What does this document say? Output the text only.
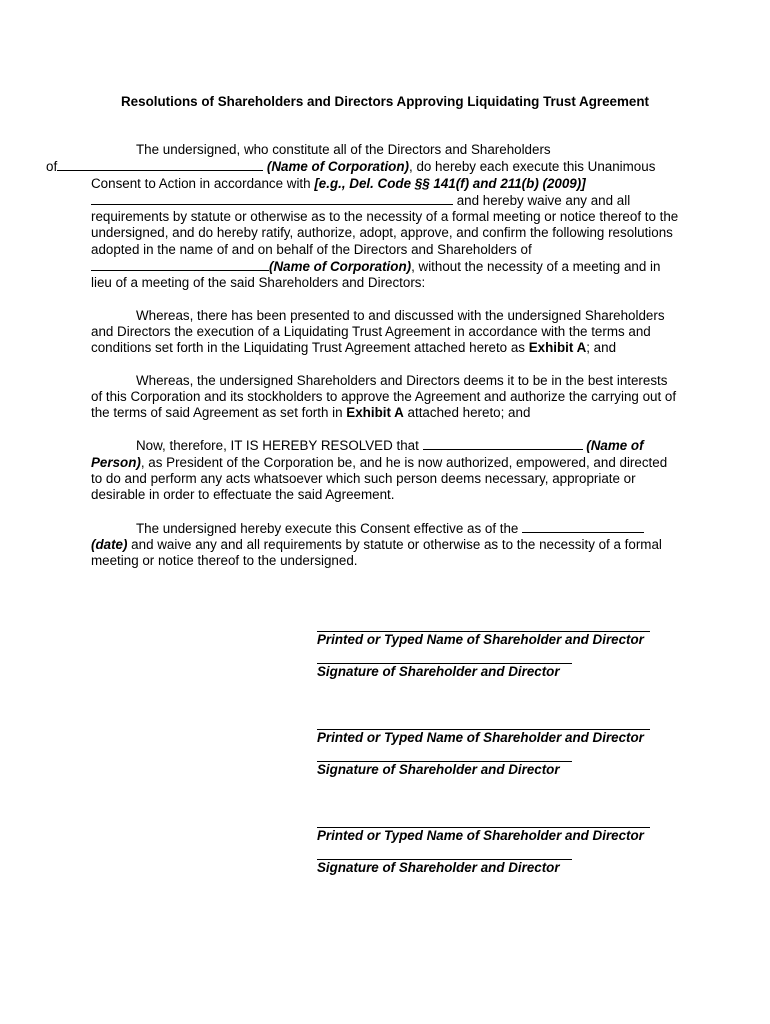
Resolutions of Shareholders and Directors Approving Liquidating Trust Agreement

The undersigned, who constitute all of the Directors and Shareholders
of	(Name of Corporation), do hereby each execute this Unanimous Consent to Action in accordance with [e.g., Del. Code §§ 141(f) and 211(b) (2009)]  and hereby waive any and all requirements by statute or otherwise as to the necessity of a formal meeting or notice thereof to the undersigned, and do hereby ratify, authorize, adopt, approve, and confirm the following resolutions adopted in the name of and on behalf of the Directors and Shareholders of (Name of Corporation), without the necessity of a meeting and in lieu of a meeting of the said Shareholders and Directors:

Whereas, there has been presented to and discussed with the undersigned Shareholders and Directors the execution of a Liquidating Trust Agreement in accordance with the terms and conditions set forth in the Liquidating Trust Agreement attached hereto as Exhibit A; and

Whereas, the undersigned Shareholders and Directors deems it to be in the best interests of this Corporation and its stockholders to approve the Agreement and authorize the carrying out of the terms of said Agreement as set forth in Exhibit A attached hereto; and

Now, therefore, IT IS HEREBY RESOLVED that	(Name of Person), as President of the Corporation be, and he is now authorized, empowered, and directed to do and perform any acts whatsoever which such person deems necessary, appropriate or desirable in order to effectuate the said Agreement.

The undersigned hereby execute this Consent effective as of the  (date) and waive any and all requirements by statute or otherwise as to the necessity of a formal meeting or notice thereof to the undersigned.

Printed or Typed Name of Shareholder and Director
Signature of Shareholder and Director
Printed or Typed Name of Shareholder and Director
Signature of Shareholder and Director
Printed or Typed Name of Shareholder and Director
Signature of Shareholder and Director
